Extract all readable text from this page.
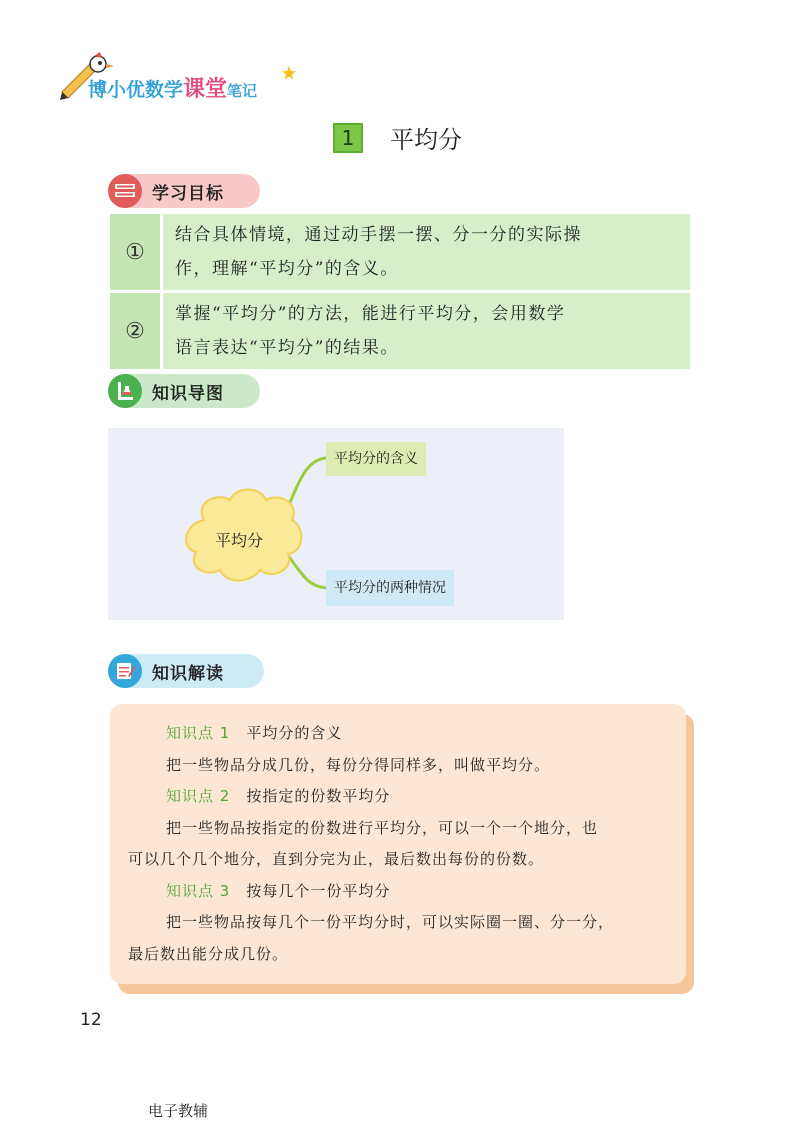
博小优数学课堂笔记
1	平均分
学习目标
①
结合具体情境，通过动手摆一摆、分一分的实际操
作，理解“平均分”的含义。
②
掌握“平均分”的方法，能进行平均分，会用数学
语言表达“平均分”的结果。
知识导图
平均分
平均分的含义
平均分的两种情况
知识解读
知识点 1 平均分的含义
把一些物品分成几份，每份分得同样多，叫做平均分。
知识点 2 按指定的份数平均分
把一些物品按指定的份数进行平均分，可以一个一个地分，也
可以几个几个地分，直到分完为止，最后数出每份的份数。
知识点 3 按每几个一份平均分
把一些物品按每几个一份平均分时，可以实际圈一圈、分一分，
最后数出能分成几份。
12
电子教辅
